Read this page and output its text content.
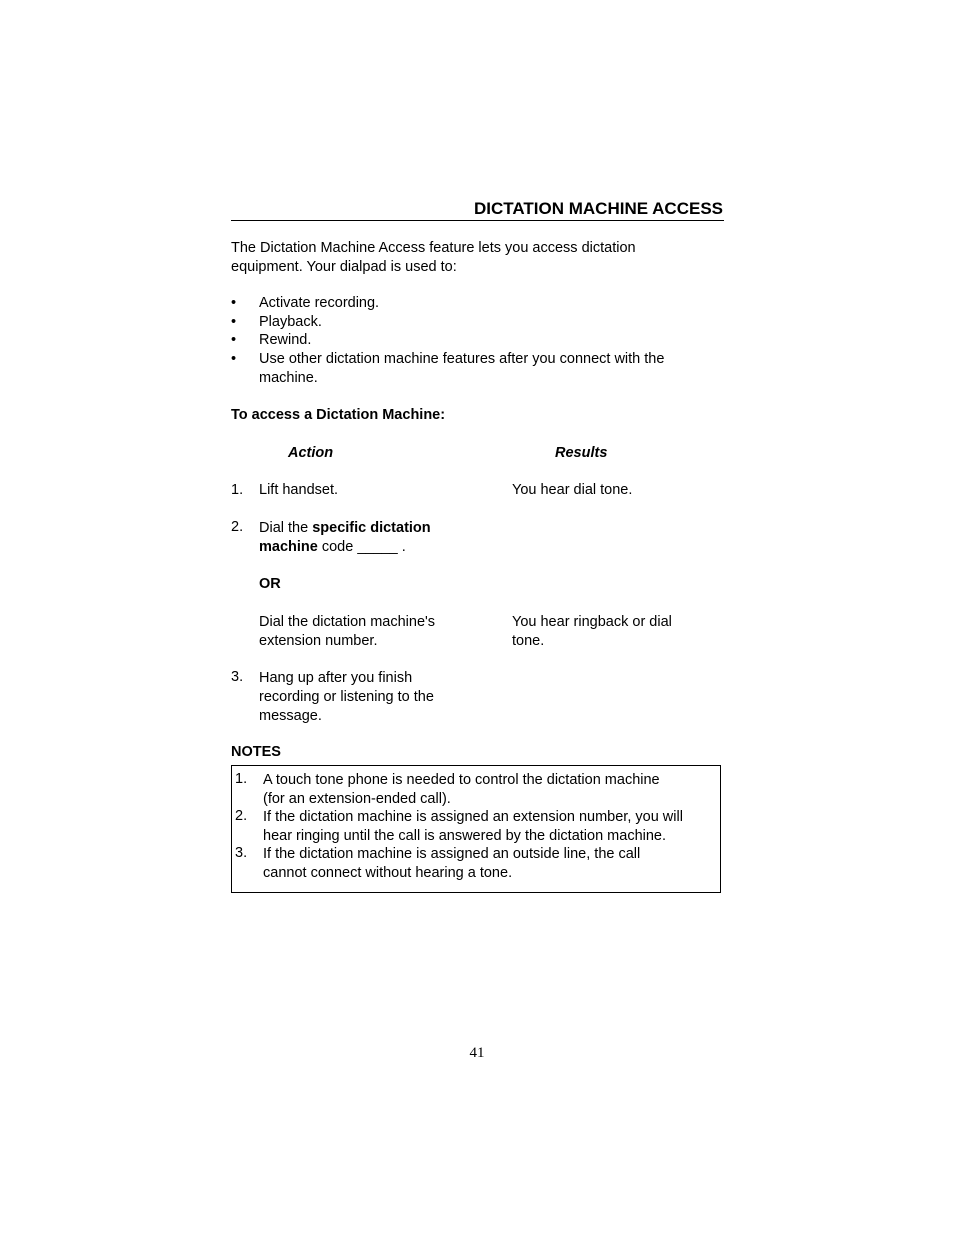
DICTATION MACHINE ACCESS
The Dictation Machine Access feature lets you access dictation
equipment. Your dialpad is used to:
• Activate recording.
• Playback.
• Rewind.
• Use other dictation machine features after you connect with the
machine.
To access a Dictation Machine:
Action	Results
1. Lift handset.	You hear dial tone.
2. Dial the specific dictation
machine code _____ .
OR
Dial the dictation machine's
extension number.
You hear ringback or dial
tone.
3. Hang up after you finish
recording or listening to the
message.
NOTES
1. A touch tone phone is needed to control the dictation machine
(for an extension-ended call).
2. If the dictation machine is assigned an extension number, you will
hear ringing until the call is answered by the dictation machine.
3. If the dictation machine is assigned an outside line, the call
cannot connect without hearing a tone.
41
